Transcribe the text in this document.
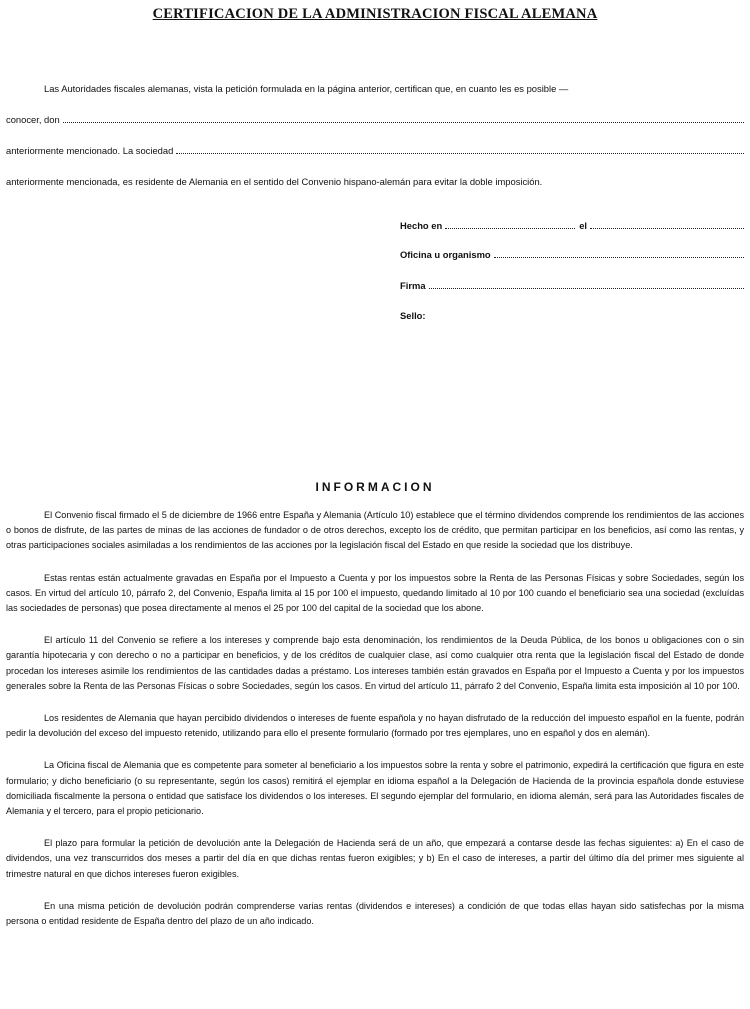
CERTIFICACION DE LA ADMINISTRACION FISCAL ALEMANA
Las Autoridades fiscales alemanas, vista la petición formulada en la página anterior, certifican que, en cuanto les es posible —
conocer, don
anteriormente mencionado. La sociedad
anteriormente mencionada, es residente de Alemania en el sentido del Convenio hispano-alemán para evitar la doble imposición.
Hecho en	el
Oficina u organismo
Firma
Sello:
INFORMACION

El Convenio fiscal firmado el 5 de diciembre de 1966 entre España y Alemania (Artículo 10) establece que el término dividendos comprende los rendimientos de las acciones o bonos de disfrute, de las partes de minas de las acciones de fundador o de otros derechos, excepto los de crédito, que permitan participar en los beneficios, así como las rentas, y otras participaciones sociales asimiladas a los rendimientos de las acciones por la legislación fiscal del Estado en que reside la sociedad que los distribuye.

Estas rentas están actualmente gravadas en España por el Impuesto a Cuenta y por los impuestos sobre la Renta de las Personas Físicas y sobre Sociedades, según los casos. En virtud del artículo 10, párrafo 2, del Convenio, España limita al 15 por 100 el impuesto, quedando limitado al 10 por 100 cuando el beneficiario sea una sociedad (excluídas las sociedades de personas) que posea directamente al menos el 25 por 100 del capital de la sociedad que los abone.

El artículo 11 del Convenio se refiere a los intereses y comprende bajo esta denominación, los rendimientos de la Deuda Pública, de los bonos u obligaciones con o sin garantía hipotecaria y con derecho o no a participar en beneficios, y de los créditos de cualquier clase, así como cualquier otra renta que la legislación fiscal del Estado de donde procedan los intereses asimile los rendimientos de las cantidades dadas a préstamo. Los intereses también están gravados en España por el Impuesto a Cuenta y por los impuestos generales sobre la Renta de las Personas Físicas o sobre Sociedades, según los casos. En virtud del artículo 11, párrafo 2 del Convenio, España limita esta imposición al 10 por 100.

Los residentes de Alemania que hayan percibido dividendos o intereses de fuente española y no hayan disfrutado de la reducción del impuesto español en la fuente, podrán pedir la devolución del exceso del impuesto retenido, utilizando para ello el presente formulario (formado por tres ejemplares, uno en español y dos en alemán).

La Oficina fiscal de Alemania que es competente para someter al beneficiario a los impuestos sobre la renta y sobre el patrimonio, expedirá la certificación que figura en este formulario; y dicho beneficiario (o su representante, según los casos) remitirá el ejemplar en idioma español a la Delegación de Hacienda de la provincia española donde estuviese domiciliada fiscalmente la persona o entidad que satisface los dividendos o los intereses. El segundo ejemplar del formulario, en idioma alemán, será para las Autoridades fiscales de Alemania y el tercero, para el propio peticionario.

El plazo para formular la petición de devolución ante la Delegación de Hacienda será de un año, que empezará a contarse desde las fechas siguientes: a) En el caso de dividendos, una vez transcurridos dos meses a partir del día en que dichas rentas fueron exigibles; y b) En el caso de intereses, a partir del último día del primer mes siguiente al trimestre natural en que dichos intereses fueron exigibles.

En una misma petición de devolución podrán comprenderse varias rentas (dividendos e intereses) a condición de que todas ellas hayan sido satisfechas por la misma persona o entidad residente de España dentro del plazo de un año indicado.
